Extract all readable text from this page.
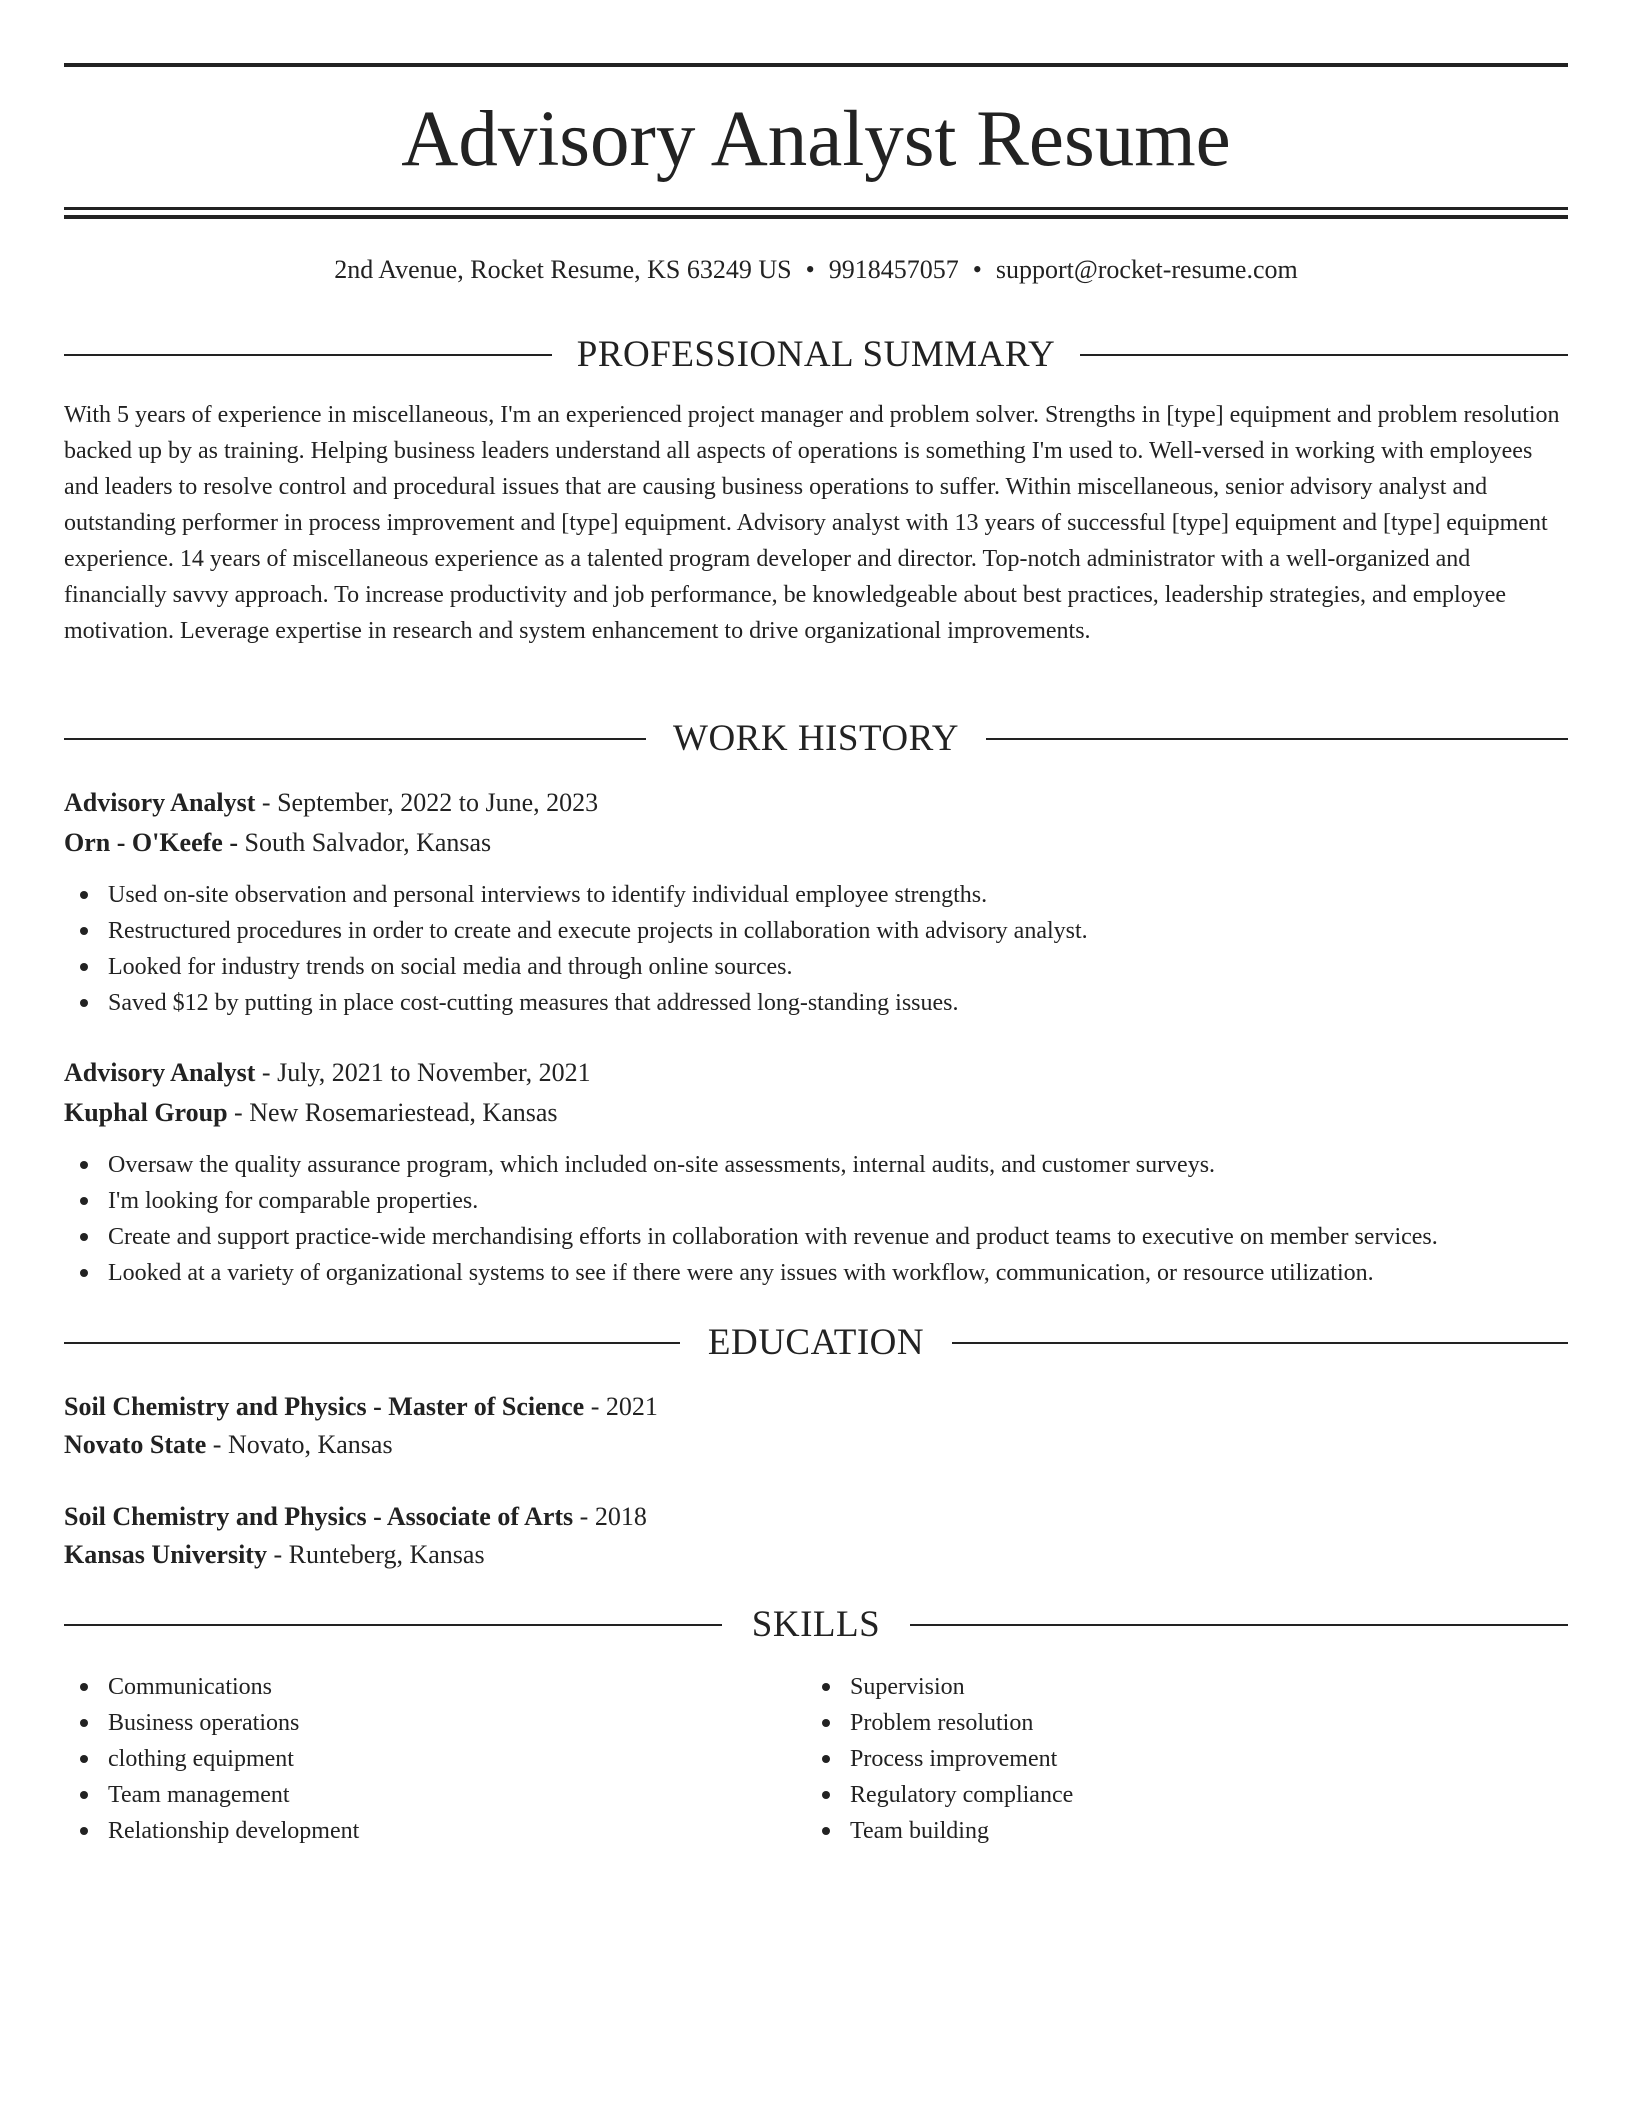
Advisory Analyst Resume
2nd Avenue, Rocket Resume, KS 63249 US • 9918457057 • support@rocket-resume.com
PROFESSIONAL SUMMARY

With 5 years of experience in miscellaneous, I'm an experienced project manager and problem solver. Strengths in [type] equipment and problem resolution backed up by as training. Helping business leaders understand all aspects of operations is something I'm used to. Well-versed in working with employees and leaders to resolve control and procedural issues that are causing business operations to suffer. Within miscellaneous, senior advisory analyst and outstanding performer in process improvement and [type] equipment. Advisory analyst with 13 years of successful [type] equipment and [type] equipment experience. 14 years of miscellaneous experience as a talented program developer and director. Top-notch administrator with a well-organized and financially savvy approach. To increase productivity and job performance, be knowledgeable about best practices, leadership strategies, and employee motivation. Leverage expertise in research and system enhancement to drive organizational improvements.

WORK HISTORY
Advisory Analyst - September, 2022 to June, 2023
Orn - O'Keefe - South Salvador, Kansas
Used on-site observation and personal interviews to identify individual employee strengths.
Restructured procedures in order to create and execute projects in collaboration with advisory analyst.
Looked for industry trends on social media and through online sources.
Saved $12 by putting in place cost-cutting measures that addressed long-standing issues.
Advisory Analyst - July, 2021 to November, 2021
Kuphal Group - New Rosemariestead, Kansas
Oversaw the quality assurance program, which included on-site assessments, internal audits, and customer surveys.
I'm looking for comparable properties.
Create and support practice-wide merchandising efforts in collaboration with revenue and product teams to executive on member services.
Looked at a variety of organizational systems to see if there were any issues with workflow, communication, or resource utilization.
EDUCATION
Soil Chemistry and Physics - Master of Science - 2021
Novato State - Novato, Kansas
Soil Chemistry and Physics - Associate of Arts - 2018
Kansas University - Runteberg, Kansas
SKILLS
Communications
Business operations
clothing equipment
Team management
Relationship development
Supervision
Problem resolution
Process improvement
Regulatory compliance
Team building
